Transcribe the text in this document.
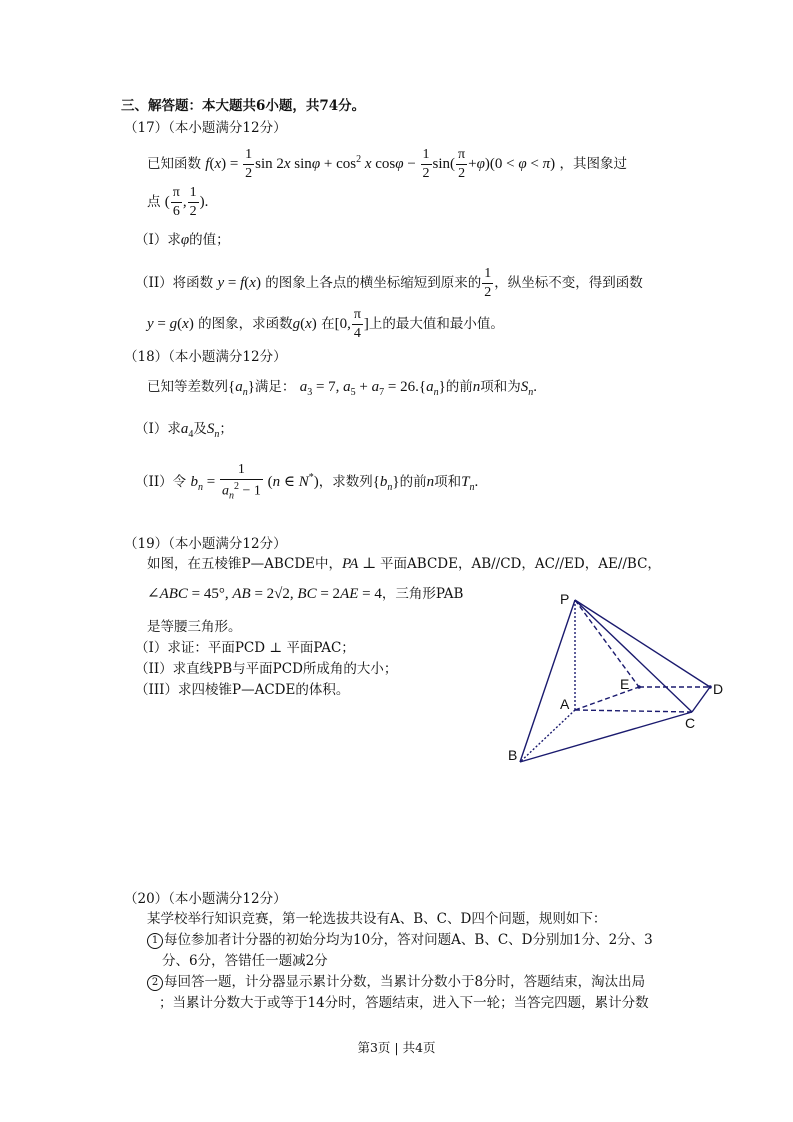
三、解答题：本大题共6小题，共74分。
（17）（本小题满分12分）
已知函数 $f(x) = \frac{1}{2}$ sin 2x $\sin\varphi + \cos^2 x$ $\cos\varphi - \frac{1}{2} \sin( \frac{\pi}{2} +\varphi)(0 < \varphi < \pi)$ ，其图象过
点 ( $\frac{\pi}{6}$ , $\frac{1}{2}$ ).
（I）求φ的值；
（II）将函数 y = f(x) 的图象上各点的横坐标缩短到原来的 $\frac{1}{2}$ ，纵坐标不变，得到函数
y = g(x) 的图象，求函数g(x) 在[0, $\frac{\pi}{4}$ ]上的最大值和最小值。
（18）（本小题满分12分）
已知等差数列$\{a_n\}$满足： $a_3 = 7$, $a_5 + a_7 = 26.\{a_n\}$的前n项和为$S_n$.
（I）求$a_4$及$S_n$；
（II）令 $b_n = \frac{1}{a_n^2 - 1} (n$ ∈ N*)，求数列$\{b_n\}$的前n项和$T_n$.
（19）（本小题满分12分）
如图，在五棱锥P—ABCDE中，PA ⊥ 平面ABCDE，AB//CD，AC//ED，AE//BC，
∠ABC = 45°, AB = 2√2, BC = 2AE = 4，三角形PAB
是等腰三角形。
（I）求证：平面PCD ⊥ 平面PAC；
（II）求直线PB与平面PCD所成角的大小；
（III）求四棱锥P—ACDE的体积。
P
E	D
A
C
B
（20）（本小题满分12分）
某学校举行知识竞赛，第一轮选拔共设有A、B、C、D四个问题，规则如下：
1 每位参加者计分器的初始分均为10分，答对问题A、B、C、D分别加1分、2分、3
分、6分，答错任一题减2分
2 每回答一题，计分器显示累计分数，当累计分数小于8分时，答题结束，淘汰出局
；当累计分数大于或等于14分时，答题结束，进入下一轮；当答完四题，累计分数
第3页 | 共4页
